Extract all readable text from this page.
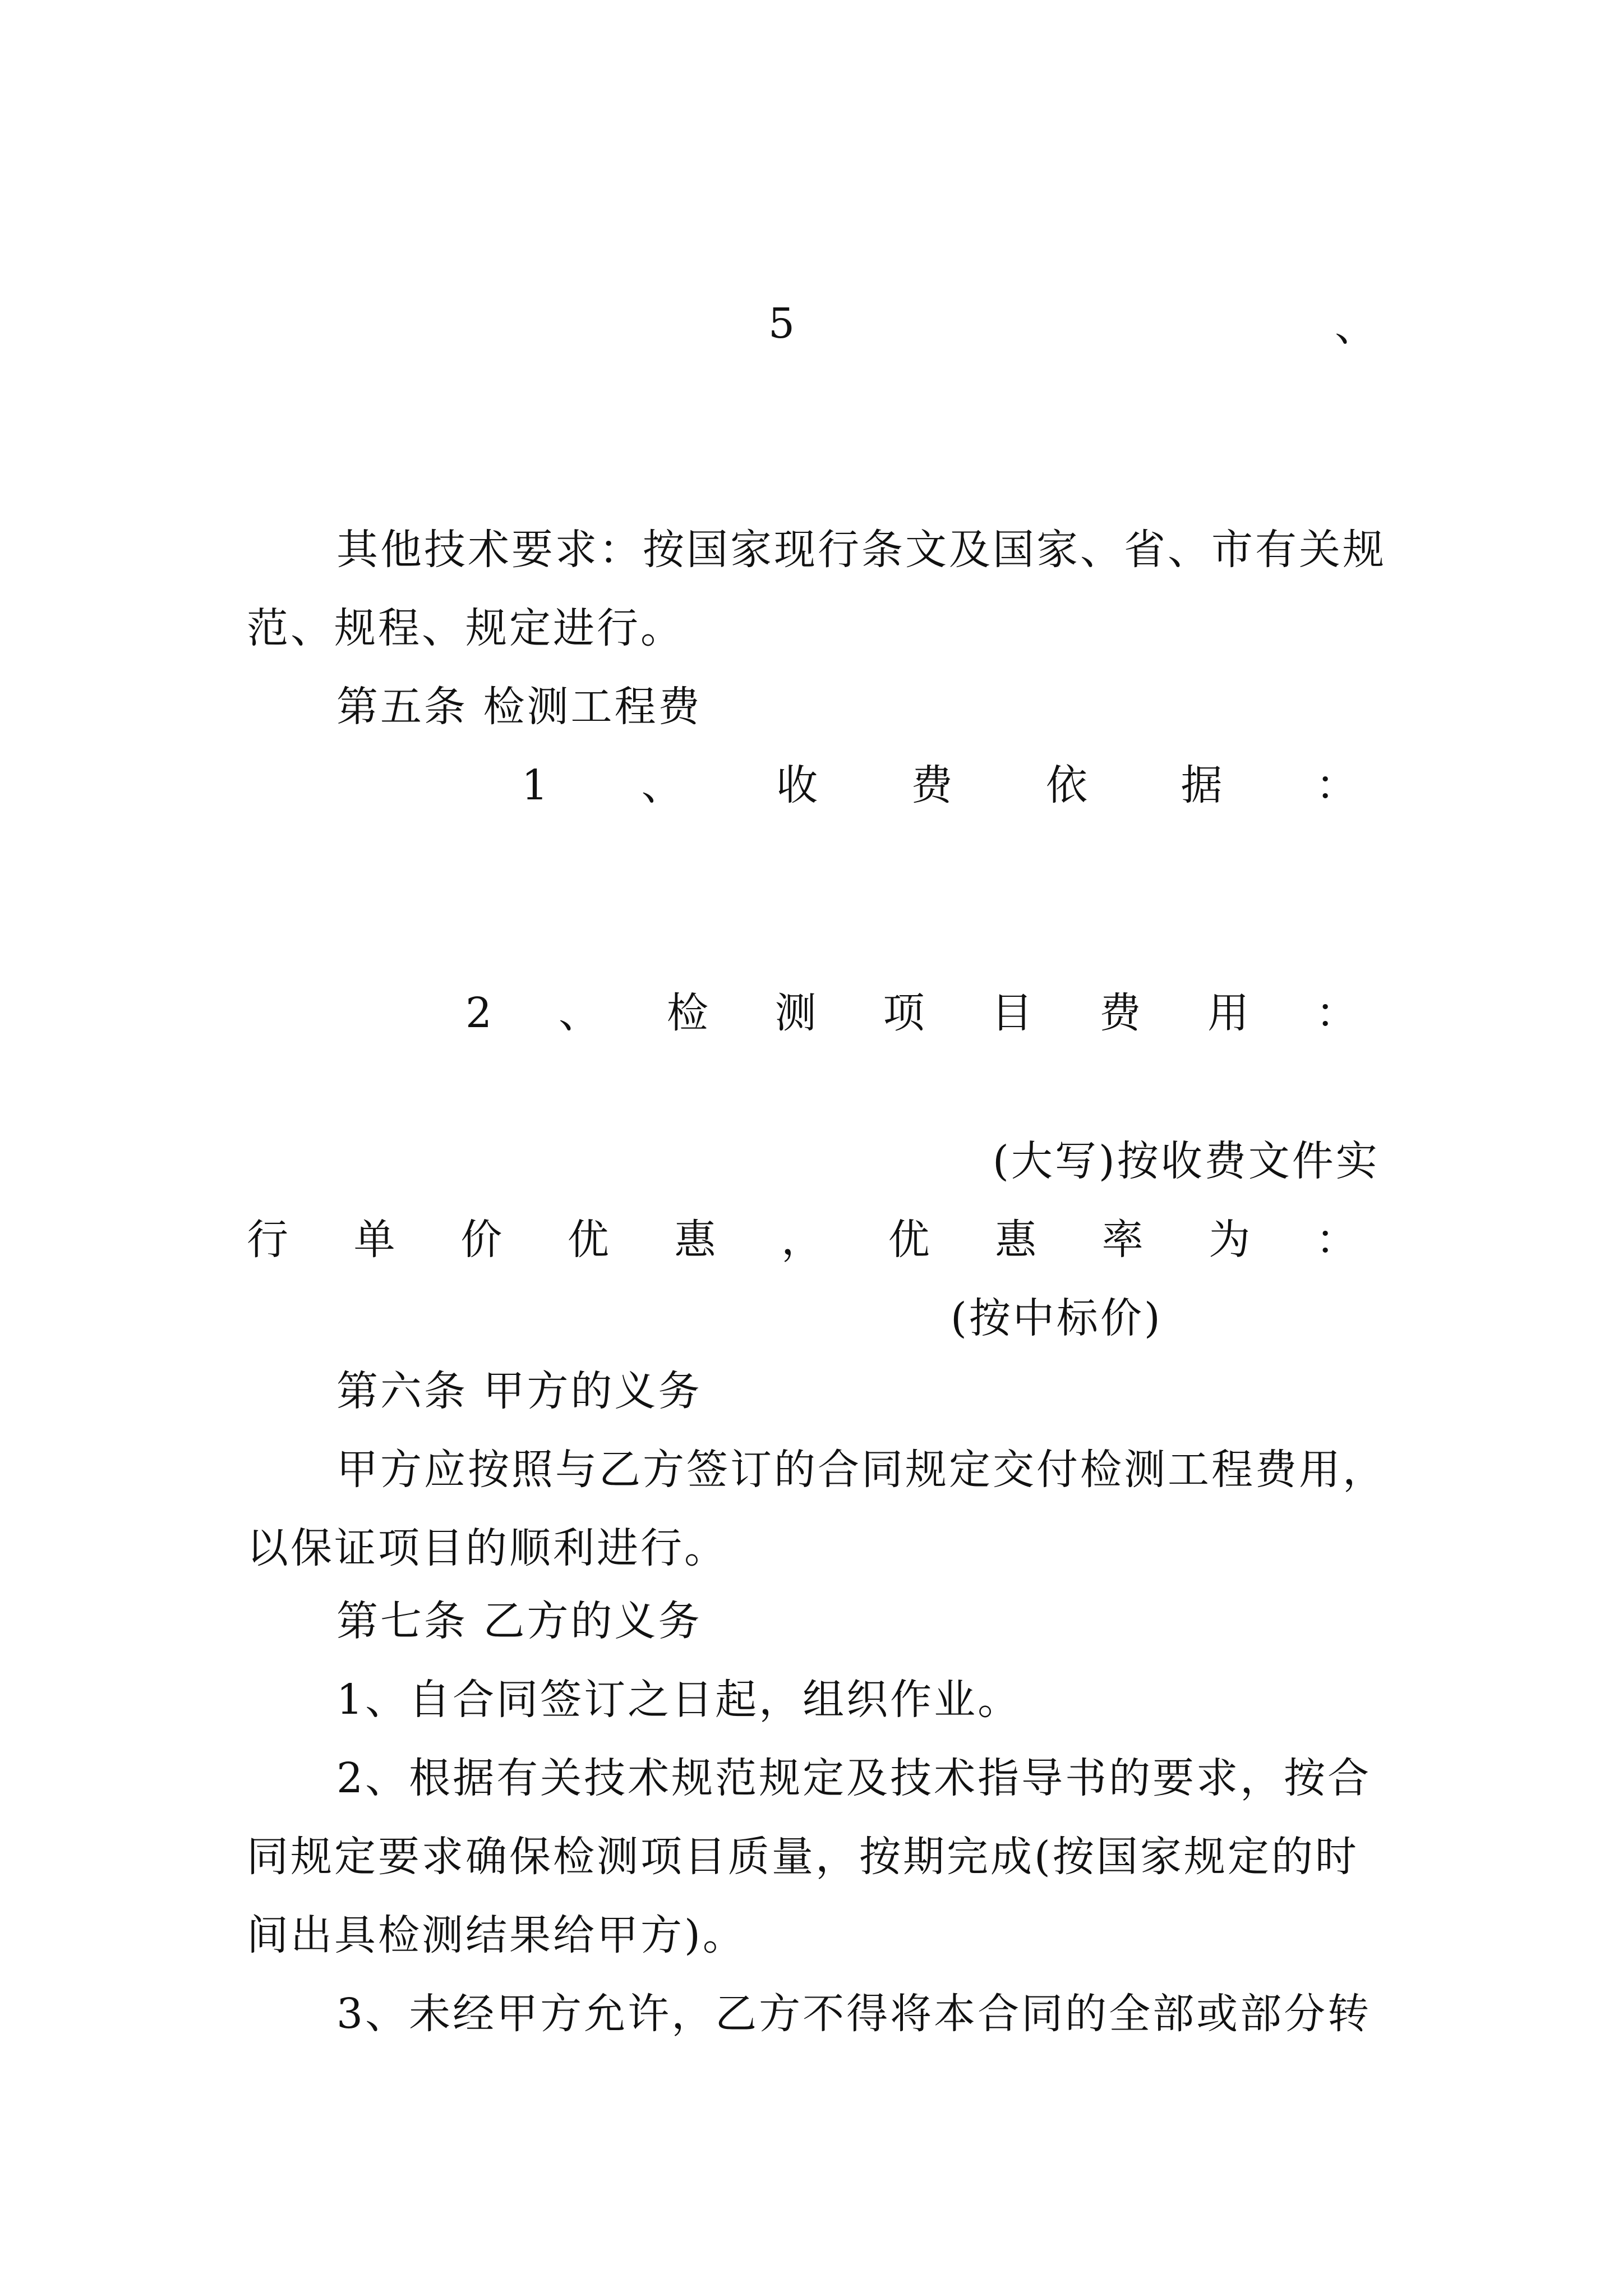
5	、
其他技术要求：按国家现行条文及国家、省、市有关规
范、规程、规定进行。
第五条 检测工程费
1 、 收 费 依 据 ：
2 、 检 测 项 目 费 用 ：
(大写)按收费文件实
行 单 价 优 惠 ， 优 惠 率 为 ：
(按中标价)
第六条 甲方的义务
甲方应按照与乙方签订的合同规定交付检测工程费用，
以保证项目的顺利进行。
第七条 乙方的义务
1、自合同签订之日起，组织作业。
2、根据有关技术规范规定及技术指导书的要求，按合
同规定要求确保检测项目质量，按期完成(按国家规定的时
间出具检测结果给甲方)。
3、未经甲方允许，乙方不得将本合同的全部或部分转
